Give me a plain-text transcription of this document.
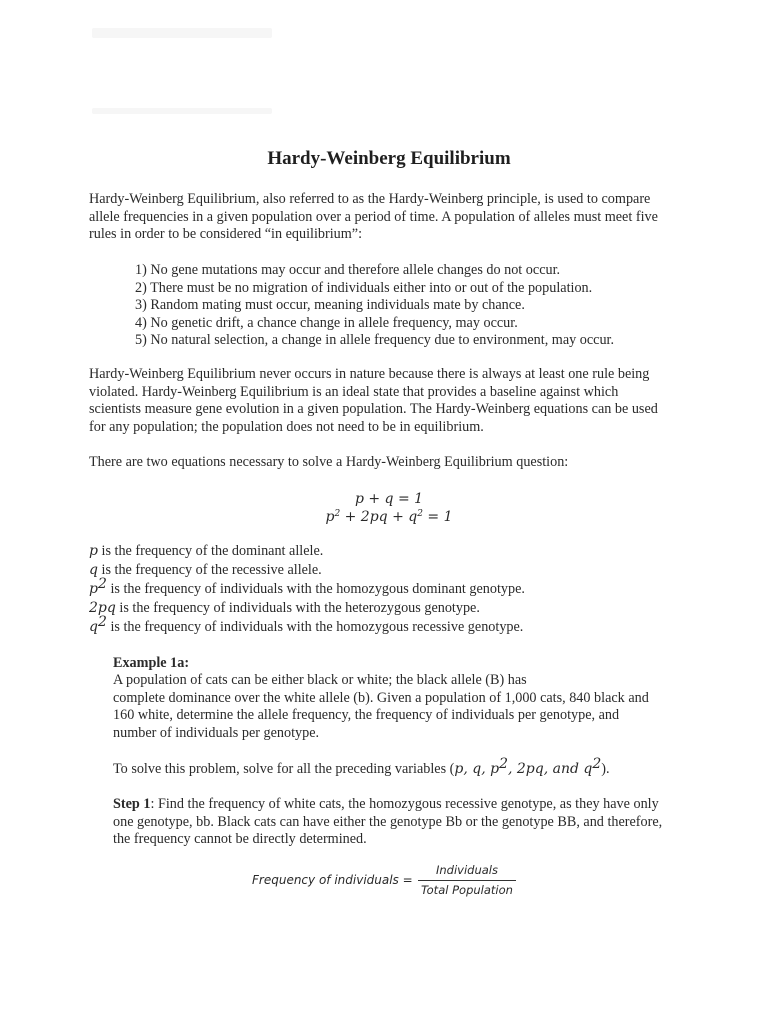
Hardy-Weinberg Equilibrium
Hardy-Weinberg Equilibrium, also referred to as the Hardy-Weinberg principle, is used to compare
allele frequencies in a given population over a period of time. A population of alleles must meet five
rules in order to be considered “in equilibrium”:
1) No gene mutations may occur and therefore allele changes do not occur.
2) There must be no migration of individuals either into or out of the population.
3) Random mating must occur, meaning individuals mate by chance.
4) No genetic drift, a chance change in allele frequency, may occur.
5) No natural selection, a change in allele frequency due to environment, may occur.
Hardy-Weinberg Equilibrium never occurs in nature because there is always at least one rule being
violated. Hardy-Weinberg Equilibrium is an ideal state that provides a baseline against which
scientists measure gene evolution in a given population. The Hardy-Weinberg equations can be used
for any population; the population does not need to be in equilibrium.
There are two equations necessary to solve a Hardy-Weinberg Equilibrium question:
p + q = 1
$p^2 + 2pq + q^2 = 1$
p is the frequency of the dominant allele.
q is the frequency of the recessive allele.
$p^2$ is the frequency of individuals with the homozygous dominant genotype.
2pq is the frequency of individuals with the heterozygous genotype.
$q^2$ is the frequency of individuals with the homozygous recessive genotype.
Example 1a:
A population of cats can be either black or white; the black allele (B) has
complete dominance over the white allele (b). Given a population of 1,000 cats, 840 black and
160 white, determine the allele frequency, the frequency of individuals per genotype, and
number of individuals per genotype.
To solve this problem, solve for all the preceding variables (p, q, $p^2$, 2pq, and $q^2$).
Step 1: Find the frequency of white cats, the homozygous recessive genotype, as they have only
one genotype, bb. Black cats can have either the genotype Bb or the genotype BB, and therefore,
the frequency cannot be directly determined.
Frequency of individuals =
Individuals
Total Population
